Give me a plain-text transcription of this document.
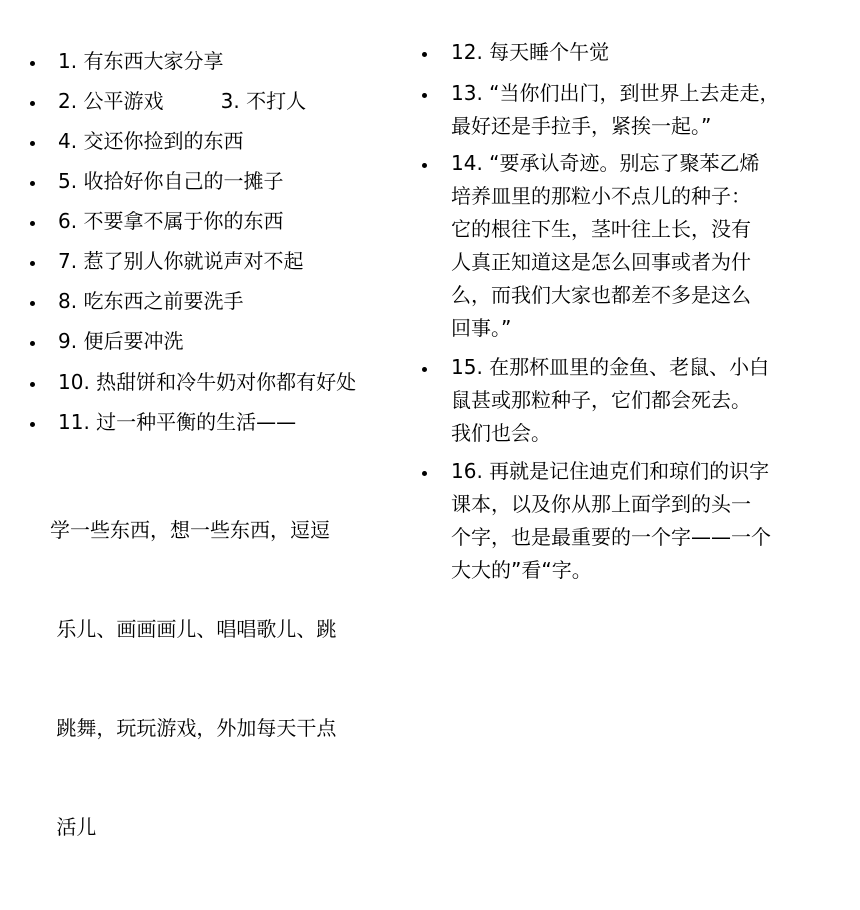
1. 有东西大家分享
2. 公平游戏         3. 不打人
4. 交还你捡到的东西
5. 收拾好你自己的一摊子
6. 不要拿不属于你的东西
7. 惹了别人你就说声对不起
8. 吃东西之前要洗手
9. 便后要冲洗
10. 热甜饼和冷牛奶对你都有好处
11. 过一种平衡的生活——

学一些东西，想一些东西，逗逗

乐儿、画画画儿、唱唱歌儿、跳

跳舞，玩玩游戏，外加每天干点

活儿

12. 每天睡个午觉
13. “当你们出门，到世界上去走走，
最好还是手拉手，紧挨一起。”
14. “要承认奇迹。别忘了聚苯乙烯
培养皿里的那粒小不点儿的种子：
它的根往下生，茎叶往上长，没有
人真正知道这是怎么回事或者为什
么，而我们大家也都差不多是这么
回事。”
15. 在那杯皿里的金鱼、老鼠、小白
鼠甚或那粒种子，它们都会死去。
我们也会。
16. 再就是记住迪克们和琼们的识字
课本，以及你从那上面学到的头一
个字，也是最重要的一个字——一个
大大的”看“字。
